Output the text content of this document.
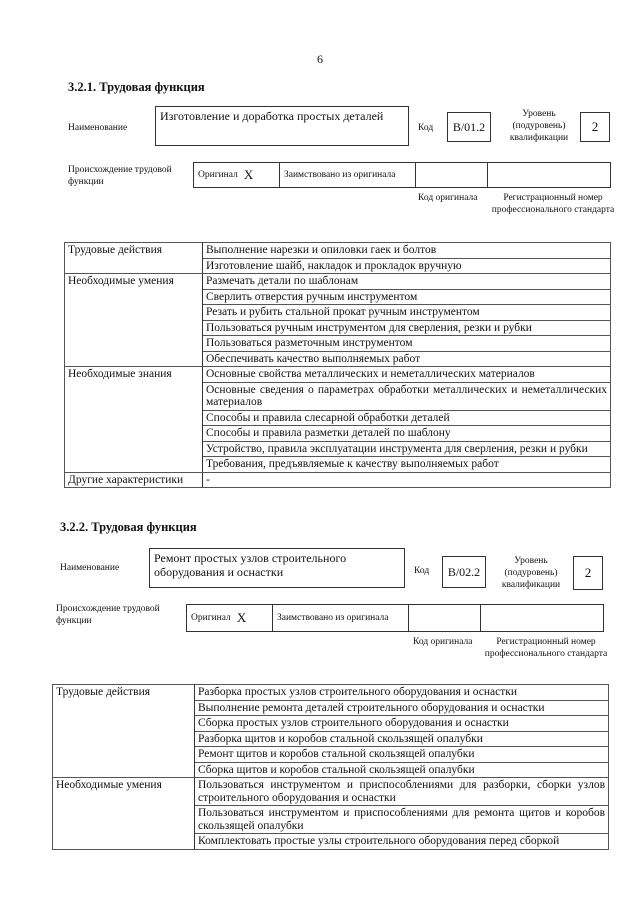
6
3.2.1. Трудовая функция
Наименование
Изготовление и доработка простых деталей
Код	B/01.2
Уровень (подуровень) квалификации
2
Происхождение трудовой функции
Оригинал X	Заимствовано из оригинала
Код оригинала	Регистрационный номер профессионального стандарта
Трудовые действия	Выполнение нарезки и опиловки гаек и болтов
	Изготовление шайб, накладок и прокладок вручную
Необходимые умения	Размечать детали по шаблонам
	Сверлить отверстия ручным инструментом
	Резать и рубить стальной прокат ручным инструментом
	Пользоваться ручным инструментом для сверления, резки и рубки
	Пользоваться разметочным инструментом
	Обеспечивать качество выполняемых работ
Необходимые знания	Основные свойства металлических и неметаллических материалов
	Основные сведения о параметрах обработки металлических и неметаллических материалов
	Способы и правила слесарной обработки деталей
	Способы и правила разметки деталей по шаблону
	Устройство, правила эксплуатации инструмента для сверления, резки и рубки
	Требования, предъявляемые к качеству выполняемых работ
Другие характеристики	-
3.2.2. Трудовая функция
Наименование
Ремонт простых узлов строительного оборудования и оснастки	Код	B/02.2
Уровень (подуровень) квалификации
2
Происхождение трудовой функции	Оригинал X	Заимствовано из оригинала
Код оригинала	Регистрационный номер профессионального стандарта
Трудовые действия	Разборка простых узлов строительного оборудования и оснастки
	Выполнение ремонта деталей строительного оборудования и оснастки
	Сборка простых узлов строительного оборудования и оснастки
	Разборка щитов и коробов стальной скользящей опалубки
	Ремонт щитов и коробов стальной скользящей опалубки
	Сборка щитов и коробов стальной скользящей опалубки
Необходимые умения	Пользоваться инструментом и приспособлениями для разборки, сборки узлов строительного оборудования и оснастки
	Пользоваться инструментом и приспособлениями для ремонта щитов и коробов скользящей опалубки
	Комплектовать простые узлы строительного оборудования перед сборкой
